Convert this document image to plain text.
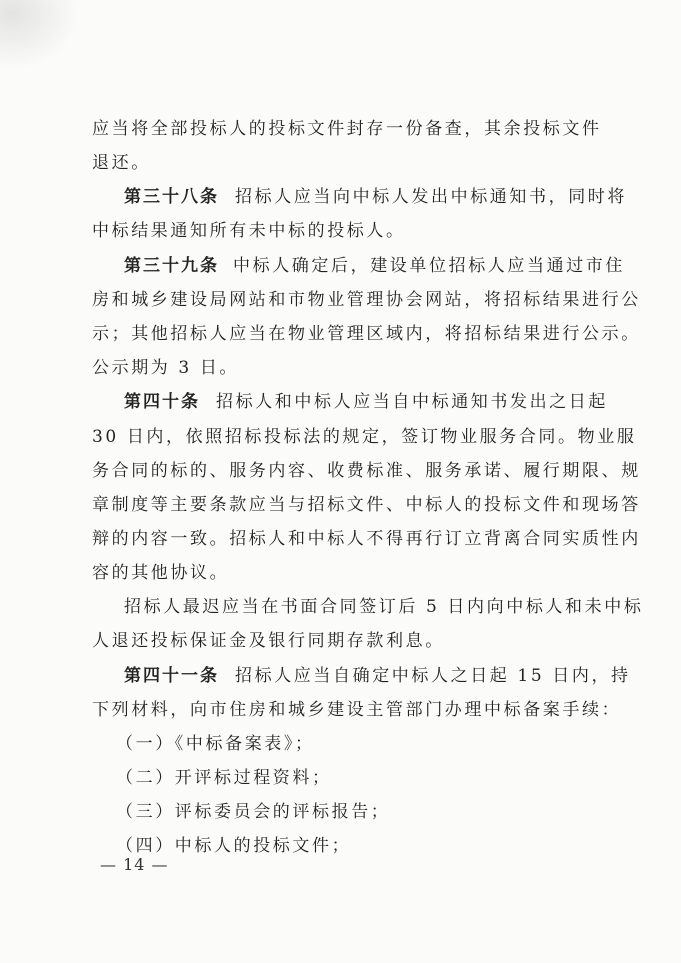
应当将全部投标人的投标文件封存一份备查，其余投标文件
退还。
第三十八条 招标人应当向中标人发出中标通知书，同时将
中标结果通知所有未中标的投标人。
第三十九条 中标人确定后，建设单位招标人应当通过市住
房和城乡建设局网站和市物业管理协会网站，将招标结果进行公
示；其他招标人应当在物业管理区域内，将招标结果进行公示。
公示期为 3 日。
第四十条 招标人和中标人应当自中标通知书发出之日起
30 日内，依照招标投标法的规定，签订物业服务合同。物业服
务合同的标的、服务内容、收费标准、服务承诺、履行期限、规
章制度等主要条款应当与招标文件、中标人的投标文件和现场答
辩的内容一致。招标人和中标人不得再行订立背离合同实质性内
容的其他协议。
招标人最迟应当在书面合同签订后 5 日内向中标人和未中标
人退还投标保证金及银行同期存款利息。
第四十一条 招标人应当自确定中标人之日起 15 日内，持
下列材料，向市住房和城乡建设主管部门办理中标备案手续：
（一）《中标备案表》；
（二）开评标过程资料；
（三）评标委员会的评标报告；
（四）中标人的投标文件；
— 14 —
